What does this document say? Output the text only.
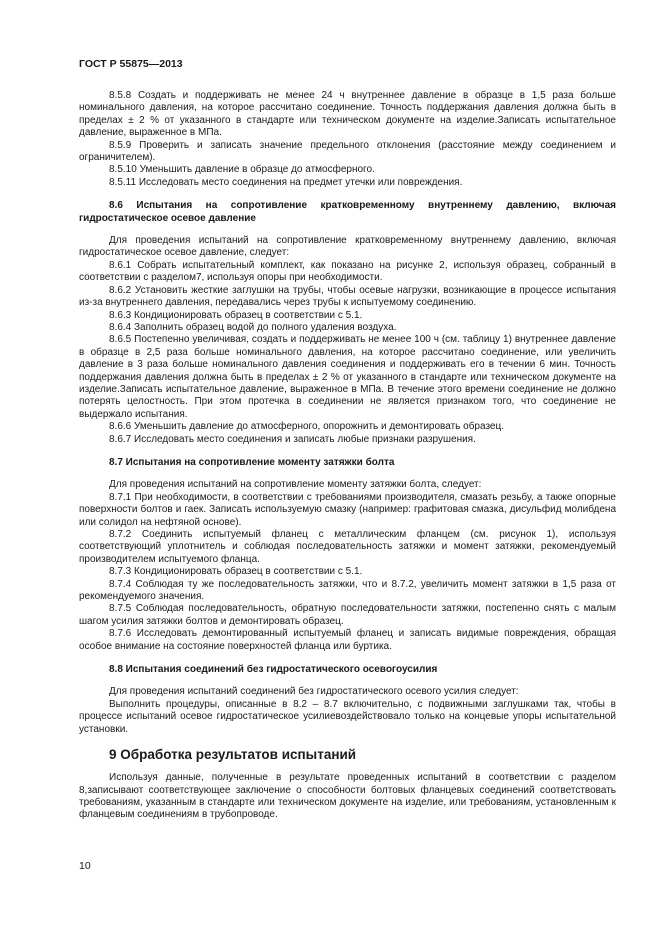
ГОСТ Р 55875—2013

8.5.8 Создать и поддерживать не менее 24 ч внутреннее давление в образце в 1,5 раза больше номинального давления, на которое рассчитано соединение. Точность поддержания давления должна быть в пределах ± 2 % от указанного в стандарте или техническом документе на изделие.Записать испытательное давление, выраженное в МПа.

8.5.9 Проверить и записать значение предельного отклонения (расстояние между соединением и ограничителем).

8.5.10 Уменьшить давление в образце до атмосферного.

8.5.11 Исследовать место соединения на предмет утечки или повреждения.

8.6 Испытания на сопротивление кратковременному внутреннему давлению, включая гидростатическое осевое давление

Для проведения испытаний на сопротивление кратковременному внутреннему давлению, включая гидростатическое осевое давление, следует:

8.6.1 Собрать испытательный комплект, как показано на рисунке 2, используя образец, собранный в соответствии с разделом7, используя опоры при необходимости.

8.6.2 Установить жесткие заглушки на трубы, чтобы осевые нагрузки, возникающие в процессе испытания из-за внутреннего давления, передавались через трубы к испытуемому соединению.

8.6.3 Кондиционировать образец в соответствии с 5.1.

8.6.4 Заполнить образец водой до полного удаления воздуха.

8.6.5 Постепенно увеличивая, создать и поддерживать не менее 100 ч (см. таблицу 1) внутреннее давление в образце в 2,5 раза больше номинального давления, на которое рассчитано соединение, или увеличить давление в 3 раза больше номинального давления соединения и поддерживать его в течении 6 мин. Точность поддержания давления должна быть в пределах ± 2 % от указанного в стандарте или техническом документе на изделие.Записать испытательное давление, выраженное в МПа. В течение этого времени соединение не должно потерять целостность. При этом протечка в соединении не является признаком того, что соединение не выдержало испытания.

8.6.6 Уменьшить давление до атмосферного, опорожнить и демонтировать образец.

8.6.7 Исследовать место соединения и записать любые признаки разрушения.

8.7 Испытания на сопротивление моменту затяжки болта

Для проведения испытаний на сопротивление моменту затяжки болта, следует:

8.7.1 При необходимости, в соответствии с требованиями производителя, смазать резьбу, а также опорные поверхности болтов и гаек. Записать используемую смазку (например: графитовая смазка, дисульфид молибдена или солидол на нефтяной основе).

8.7.2 Соединить испытуемый фланец с металлическим фланцем (см. рисунок 1), используя соответствующий уплотнитель и соблюдая последовательность затяжки и момент затяжки, рекомендуемый производителем испытуемого фланца.

8.7.3 Кондиционировать образец в соответствии с 5.1.

8.7.4 Соблюдая ту же последовательность затяжки, что и 8.7.2, увеличить момент затяжки в 1,5 раза от рекомендуемого значения.

8.7.5 Соблюдая последовательность, обратную последовательности затяжки, постепенно снять с малым шагом усилия затяжки болтов и демонтировать образец.

8.7.6 Исследовать демонтированный испытуемый фланец и записать видимые повреждения, обращая особое внимание на состояние поверхностей фланца или буртика.

8.8 Испытания соединений без гидростатического осевогоусилия

Для проведения испытаний соединений без гидростатического осевого усилия следует:

Выполнить процедуры, описанные в 8.2 – 8.7 включительно, с подвижными заглушками так, чтобы в процессе испытаний осевое гидростатическое усилиевоздействовало только на концевые упоры испытательной установки.

9 Обработка результатов испытаний

Используя данные, полученные в результате проведенных испытаний в соответствии с разделом 8,записывают соответствующее заключение о способности болтовых фланцевых соединений соответствовать требованиям, указанным в стандарте или техническом документе на изделие, или требованиям, установленным к фланцевым соединениям в трубопроводе.

10
